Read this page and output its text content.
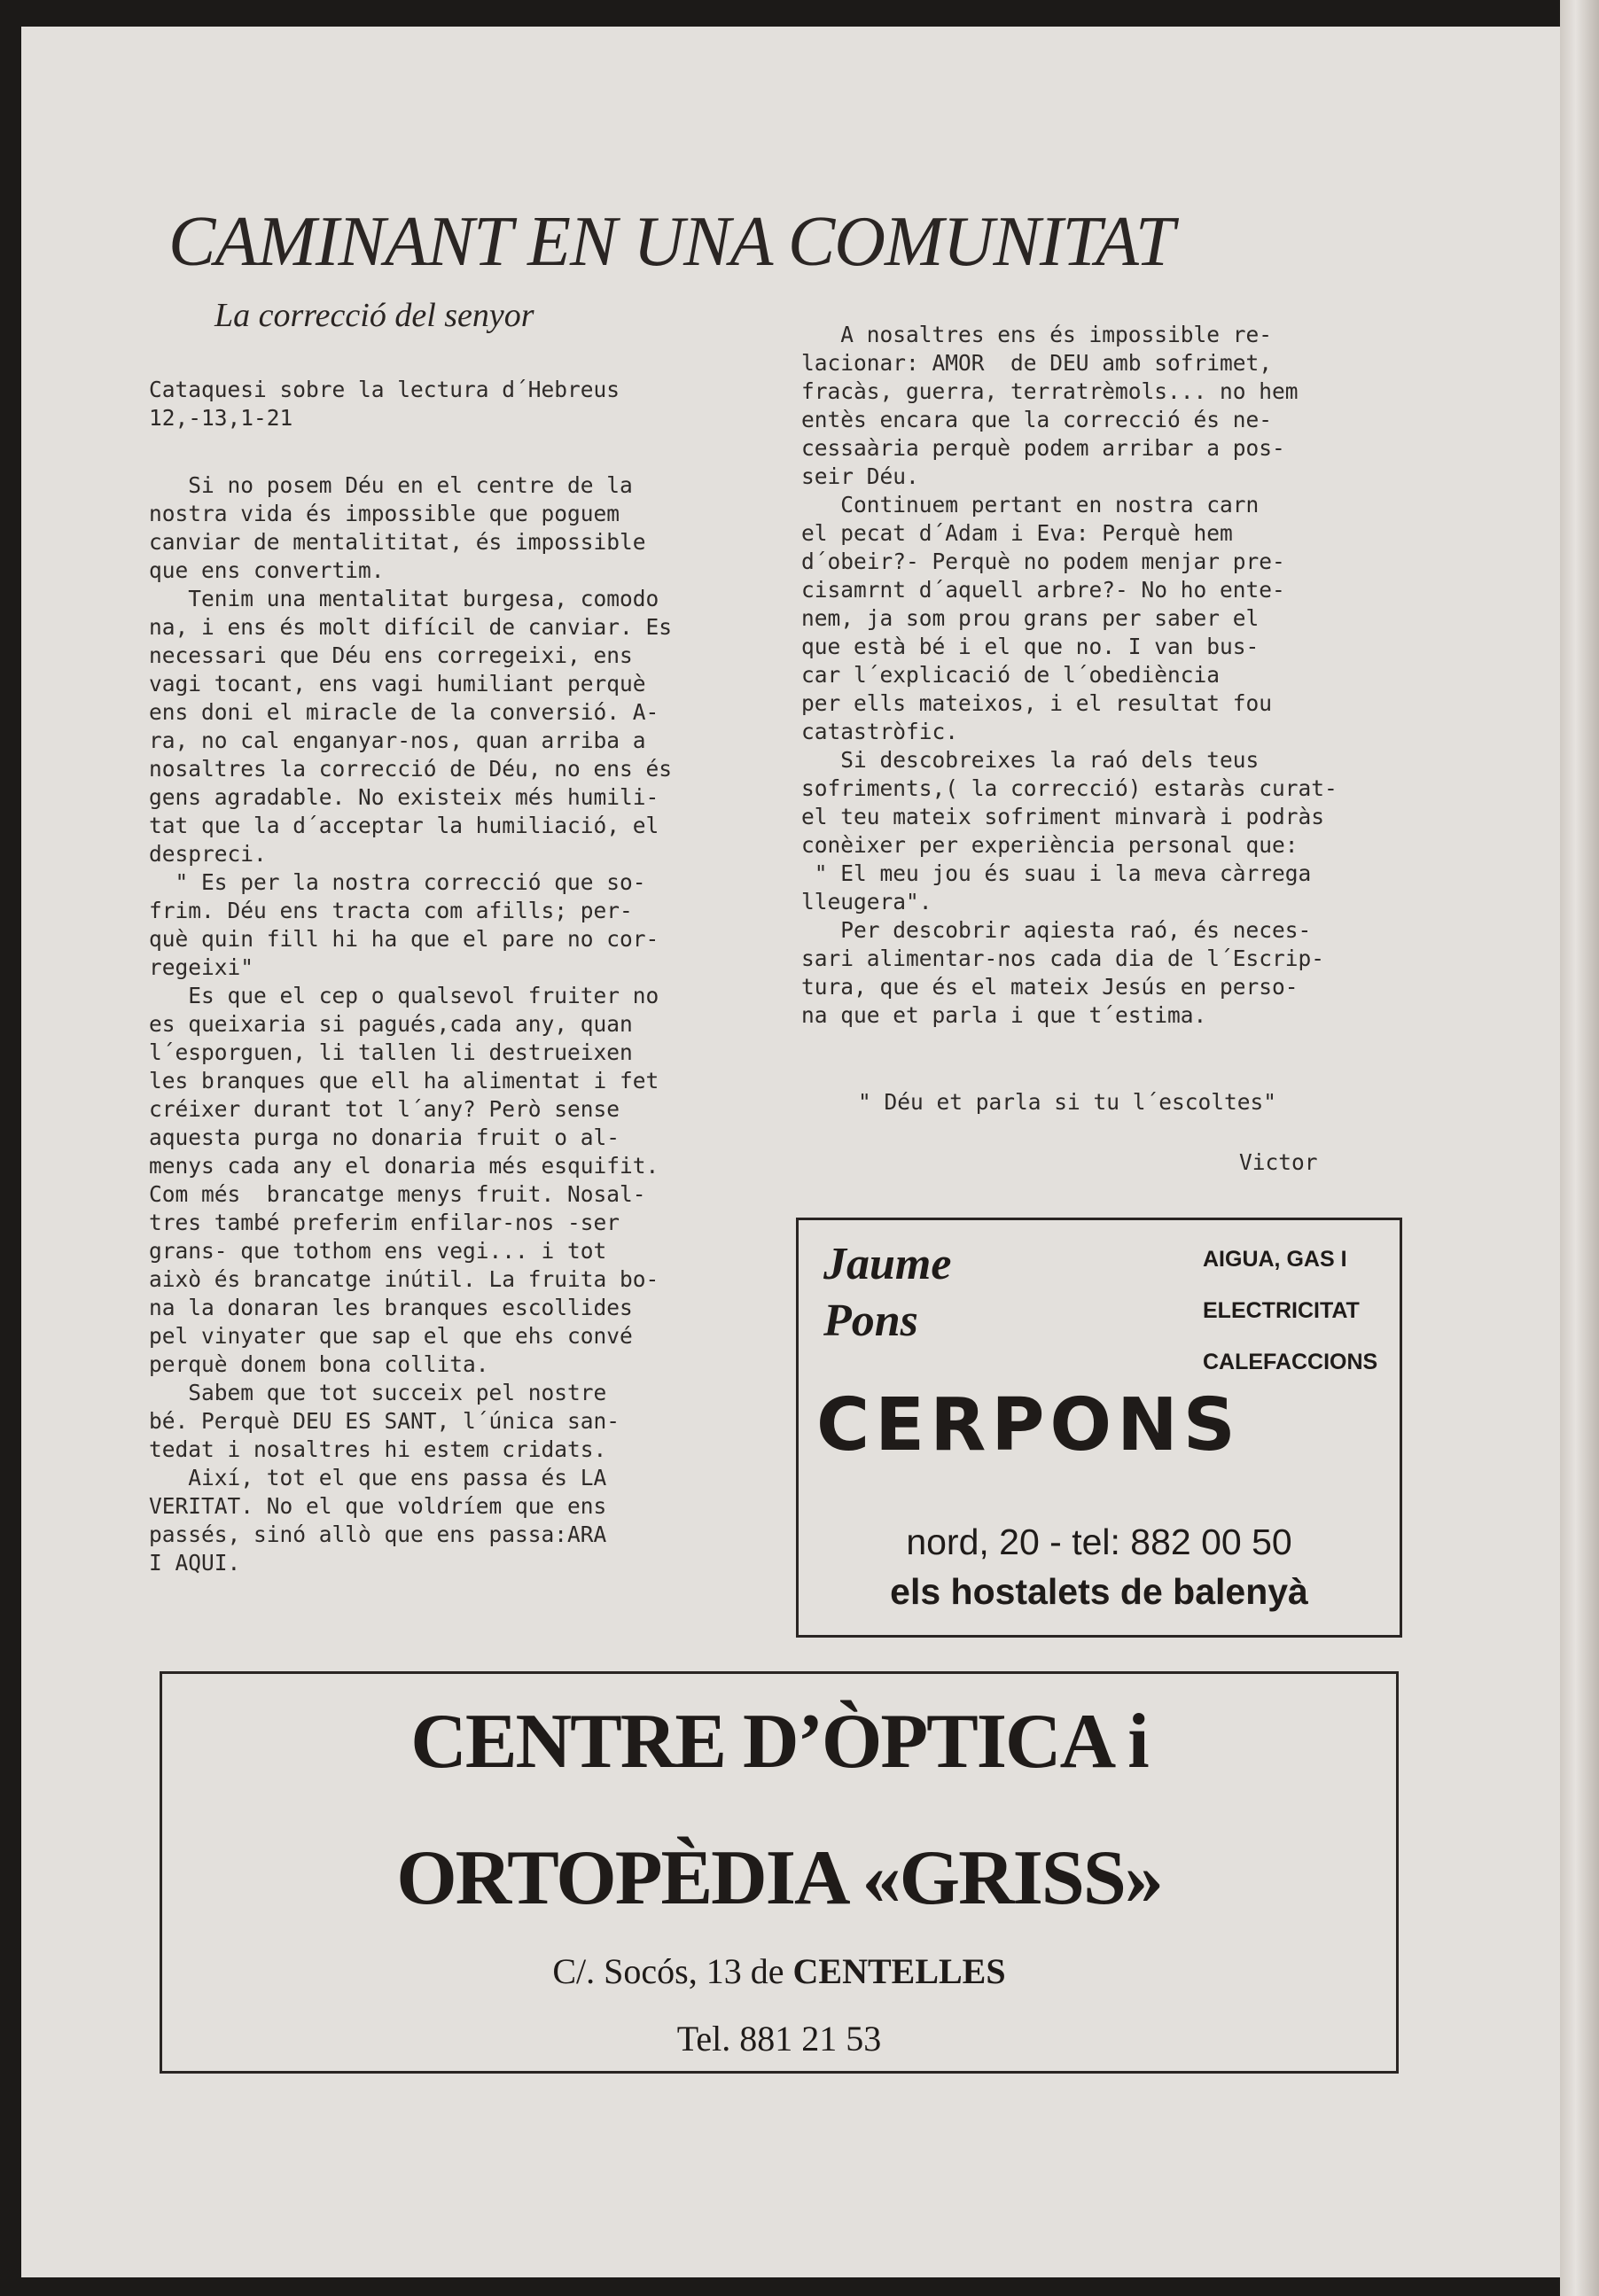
CAMINANT EN UNA COMUNITAT
La correcció del senyor

Cataquesi sobre la lectura d´Hebreus
12,-13,1-21

Si no posem Déu en el centre de la
nostra vida és impossible que poguem
canviar de mentalititat, és impossible
que ens convertim.

Tenim una mentalitat burgesa, comodo
na, i ens és molt difícil de canviar. Es
necessari que Déu ens corregeixi, ens
vagi tocant, ens vagi humiliant perquè
ens doni el miracle de la conversió. A-
ra, no cal enganyar-nos, quan arriba a
nosaltres la correcció de Déu, no ens és
gens agradable. No existeix més humili-
tat que la d´acceptar la humiliació, el
despreci.

" Es per la nostra correcció que so-
frim. Déu ens tracta com afills; per-
què quin fill hi ha que el pare no cor-
regeixi"

Es que el cep o qualsevol fruiter no
es queixaria si pagués,cada any, quan
l´esporguen, li tallen li destrueixen
les branques que ell ha alimentat i fet
créixer durant tot l´any? Però sense
aquesta purga no donaria fruit o al-
menys cada any el donaria més esquifit.
Com més  brancatge menys fruit. Nosal-
tres també preferim enfilar-nos -ser
grans- que tothom ens vegi... i tot
això és brancatge inútil. La fruita bo-
na la donaran les branques escollides
pel vinyater que sap el que ehs convé
perquè donem bona collita.

Sabem que tot succeix pel nostre
bé. Perquè DEU ES SANT, l´única san-
tedat i nosaltres hi estem cridats.

Així, tot el que ens passa és LA
VERITAT. No el que voldríem que ens
passés, sinó allò que ens passa:ARA
I AQUI.

A nosaltres ens és impossible re-
lacionar: AMOR  de DEU amb sofrimet,
fracàs, guerra, terratrèmols... no hem
entès encara que la correcció és ne-
cessaària perquè podem arribar a pos-
seir Déu.

Continuem pertant en nostra carn
el pecat d´Adam i Eva: Perquè hem
d´obeir?- Perquè no podem menjar pre-
cisamrnt d´aquell arbre?- No ho ente-
nem, ja som prou grans per saber el
que està bé i el que no. I van bus-
car l´explicació de l´obediència
per ells mateixos, i el resultat fou
catastròfic.

Si descobreixes la raó dels teus
sofriments,( la correcció) estaràs curat-
el teu mateix sofriment minvarà i podràs
conèixer per experiència personal que:
" El meu jou és suau i la meva càrrega
lleugera".

Per descobrir aqiesta raó, és neces-
sari alimentar-nos cada dia de l´Escrip-
tura, que és el mateix Jesús en perso-
na que et parla i que t´estima.

" Déu et parla si tu l´escoltes"
Victor
Jaume
Pons
AIGUA, GAS I
ELECTRICITAT
CALEFACCIONS
CERPONS
nord, 20 - tel: 882 00 50
els hostalets de balenyà
CENTRE D’ÒPTICA i
ORTOPÈDIA «GRISS»
C/. Socós, 13 de CENTELLES
Tel. 881 21 53
